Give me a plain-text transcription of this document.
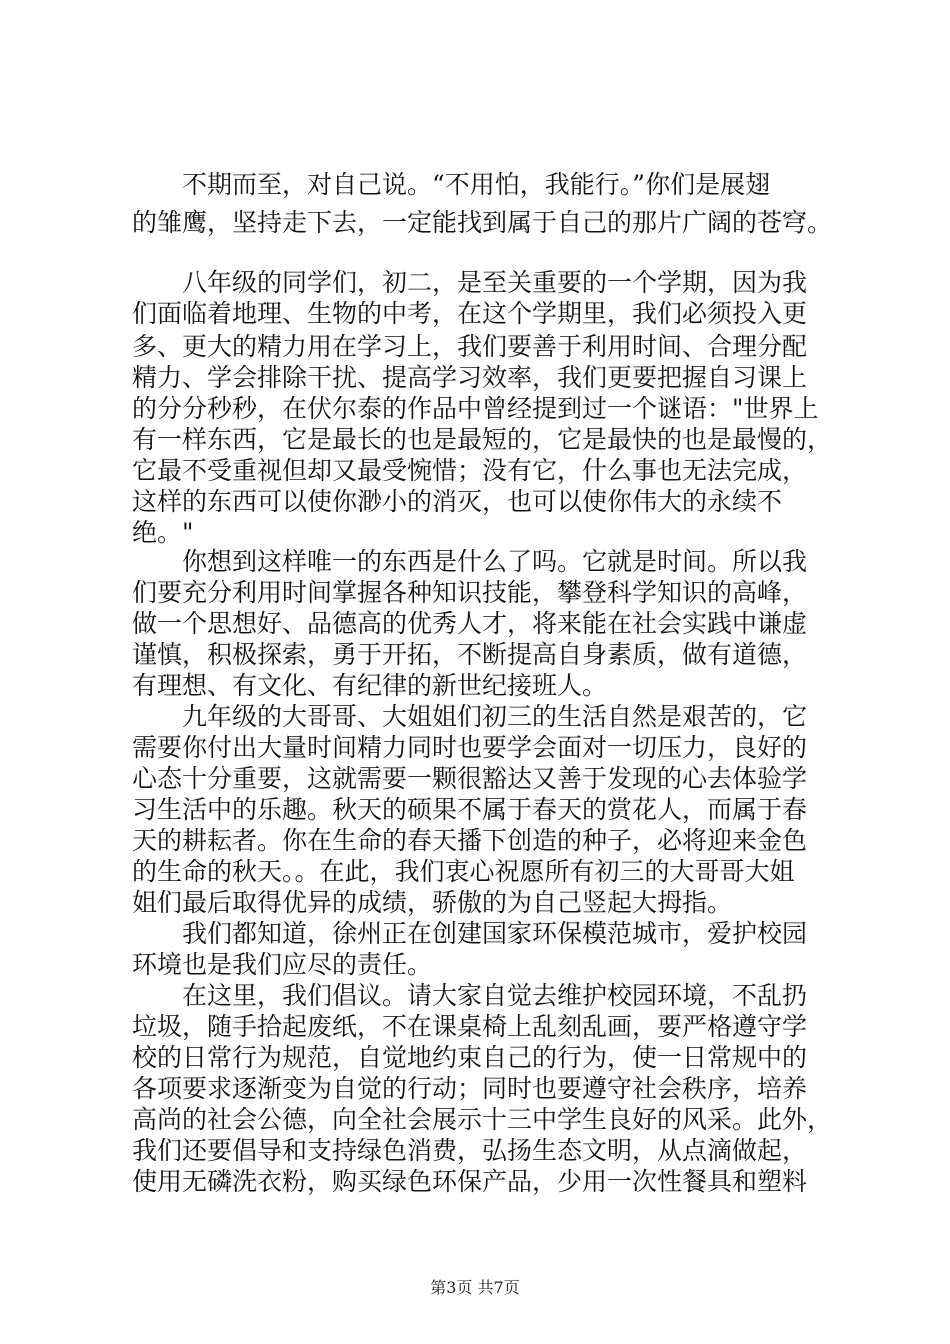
不期而至，对自己说。“不用怕，我能行。”你们是展翅
的雏鹰，坚持走下去，一定能找到属于自己的那片广阔的苍穹。
八年级的同学们，初二，是至关重要的一个学期，因为我
们面临着地理、生物的中考，在这个学期里，我们必须投入更
多、更大的精力用在学习上，我们要善于利用时间、合理分配
精力、学会排除干扰、提高学习效率，我们更要把握自习课上
的分分秒秒，在伏尔泰的作品中曾经提到过一个谜语："世界上
有一样东西，它是最长的也是最短的，它是最快的也是最慢的，
它最不受重视但却又最受惋惜；没有它，什么事也无法完成，
这样的东西可以使你渺小的消灭，也可以使你伟大的永续不
绝。"
你想到这样唯一的东西是什么了吗。它就是时间。所以我
们要充分利用时间掌握各种知识技能，攀登科学知识的高峰，
做一个思想好、品德高的优秀人才，将来能在社会实践中谦虚
谨慎，积极探索，勇于开拓，不断提高自身素质，做有道德，
有理想、有文化、有纪律的新世纪接班人。
九年级的大哥哥、大姐姐们初三的生活自然是艰苦的，它
需要你付出大量时间精力同时也要学会面对一切压力，良好的
心态十分重要，这就需要一颗很豁达又善于发现的心去体验学
习生活中的乐趣。秋天的硕果不属于春天的赏花人，而属于春
天的耕耘者。你在生命的春天播下创造的种子，必将迎来金色
的生命的秋天。。在此，我们衷心祝愿所有初三的大哥哥大姐
姐们最后取得优异的成绩，骄傲的为自己竖起大拇指。
我们都知道，徐州正在创建国家环保模范城市，爱护校园
环境也是我们应尽的责任。
在这里，我们倡议。请大家自觉去维护校园环境，不乱扔
垃圾，随手拾起废纸，不在课桌椅上乱刻乱画，要严格遵守学
校的日常行为规范，自觉地约束自己的行为，使一日常规中的
各项要求逐渐变为自觉的行动；同时也要遵守社会秩序，培养
高尚的社会公德，向全社会展示十三中学生良好的风采。此外，
我们还要倡导和支持绿色消费，弘扬生态文明，从点滴做起，
使用无磷洗衣粉，购买绿色环保产品，少用一次性餐具和塑料
第3页 共7页
